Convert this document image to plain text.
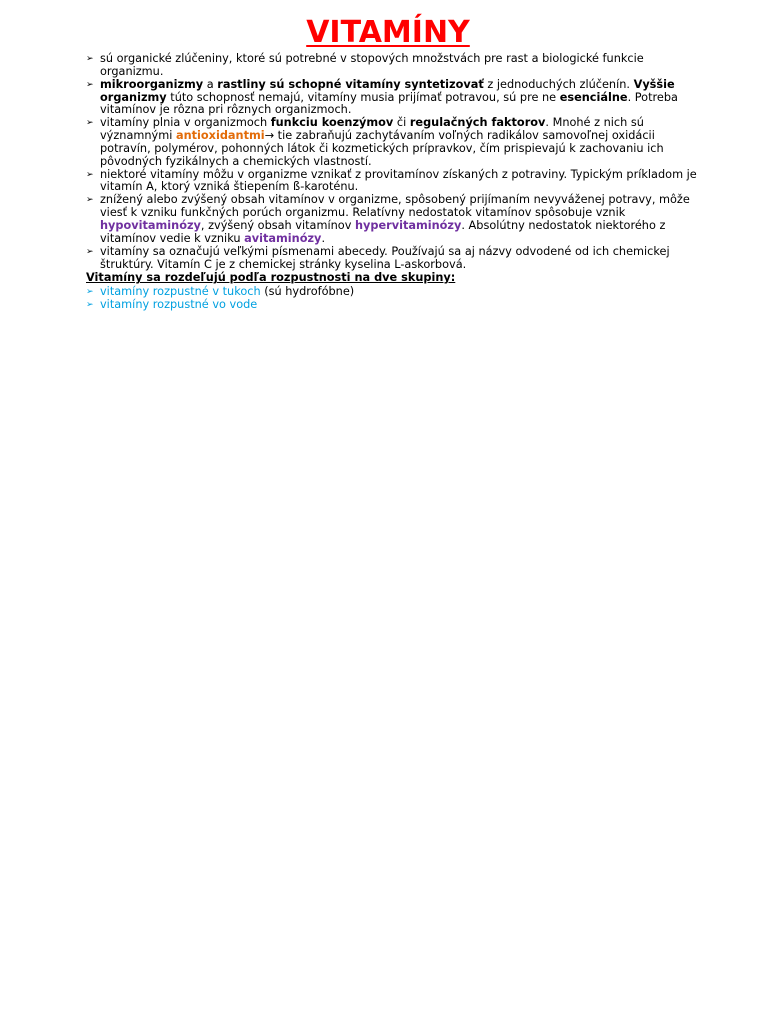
VITAMÍNY
➢ sú organické zlúčeniny, ktoré sú potrebné v stopových množstvách pre rast a biologické funkcie organizmu.
➢ mikroorganizmy a rastliny sú schopné vitamíny syntetizovať z jednoduchých zlúčenín. Vyššie organizmy túto schopnosť nemajú, vitamíny musia prijímať potravou, sú pre ne esenciálne. Potreba vitamínov je rôzna pri rôznych organizmoch.
➢ vitamíny plnia v organizmoch funkciu koenzýmov či regulačných faktorov. Mnohé z nich sú významnými antioxidantmi→ tie zabraňujú zachytávaním voľných radikálov samovoľnej oxidácii potravín, polymérov, pohonných látok či kozmetických prípravkov, čím prispievajú k zachovaniu ich pôvodných fyzikálnych a chemických vlastností.
➢ niektoré vitamíny môžu v organizme vznikať z provitamínov získaných z potraviny. Typickým príkladom je vitamín A, ktorý vzniká štiepením ß-karoténu.
➢ znížený alebo zvýšený obsah vitamínov v organizme, spôsobený prijímaním nevyváženej potravy, môže viesť k vzniku funkčných porúch organizmu. Relatívny nedostatok vitamínov spôsobuje vznik hypovitaminózy, zvýšený obsah vitamínov hypervitaminózy. Absolútny nedostatok niektorého z vitamínov vedie k vzniku avitaminózy.
➢ vitamíny sa označujú veľkými písmenami abecedy. Používajú sa aj názvy odvodené od ich chemickej štruktúry. Vitamín C je z chemickej stránky kyselina L-askorbová.
Vitamíny sa rozdeľujú podľa rozpustnosti na dve skupiny:
➢ vitamíny rozpustné v tukoch (sú hydrofóbne)
➢ vitamíny rozpustné vo vode
